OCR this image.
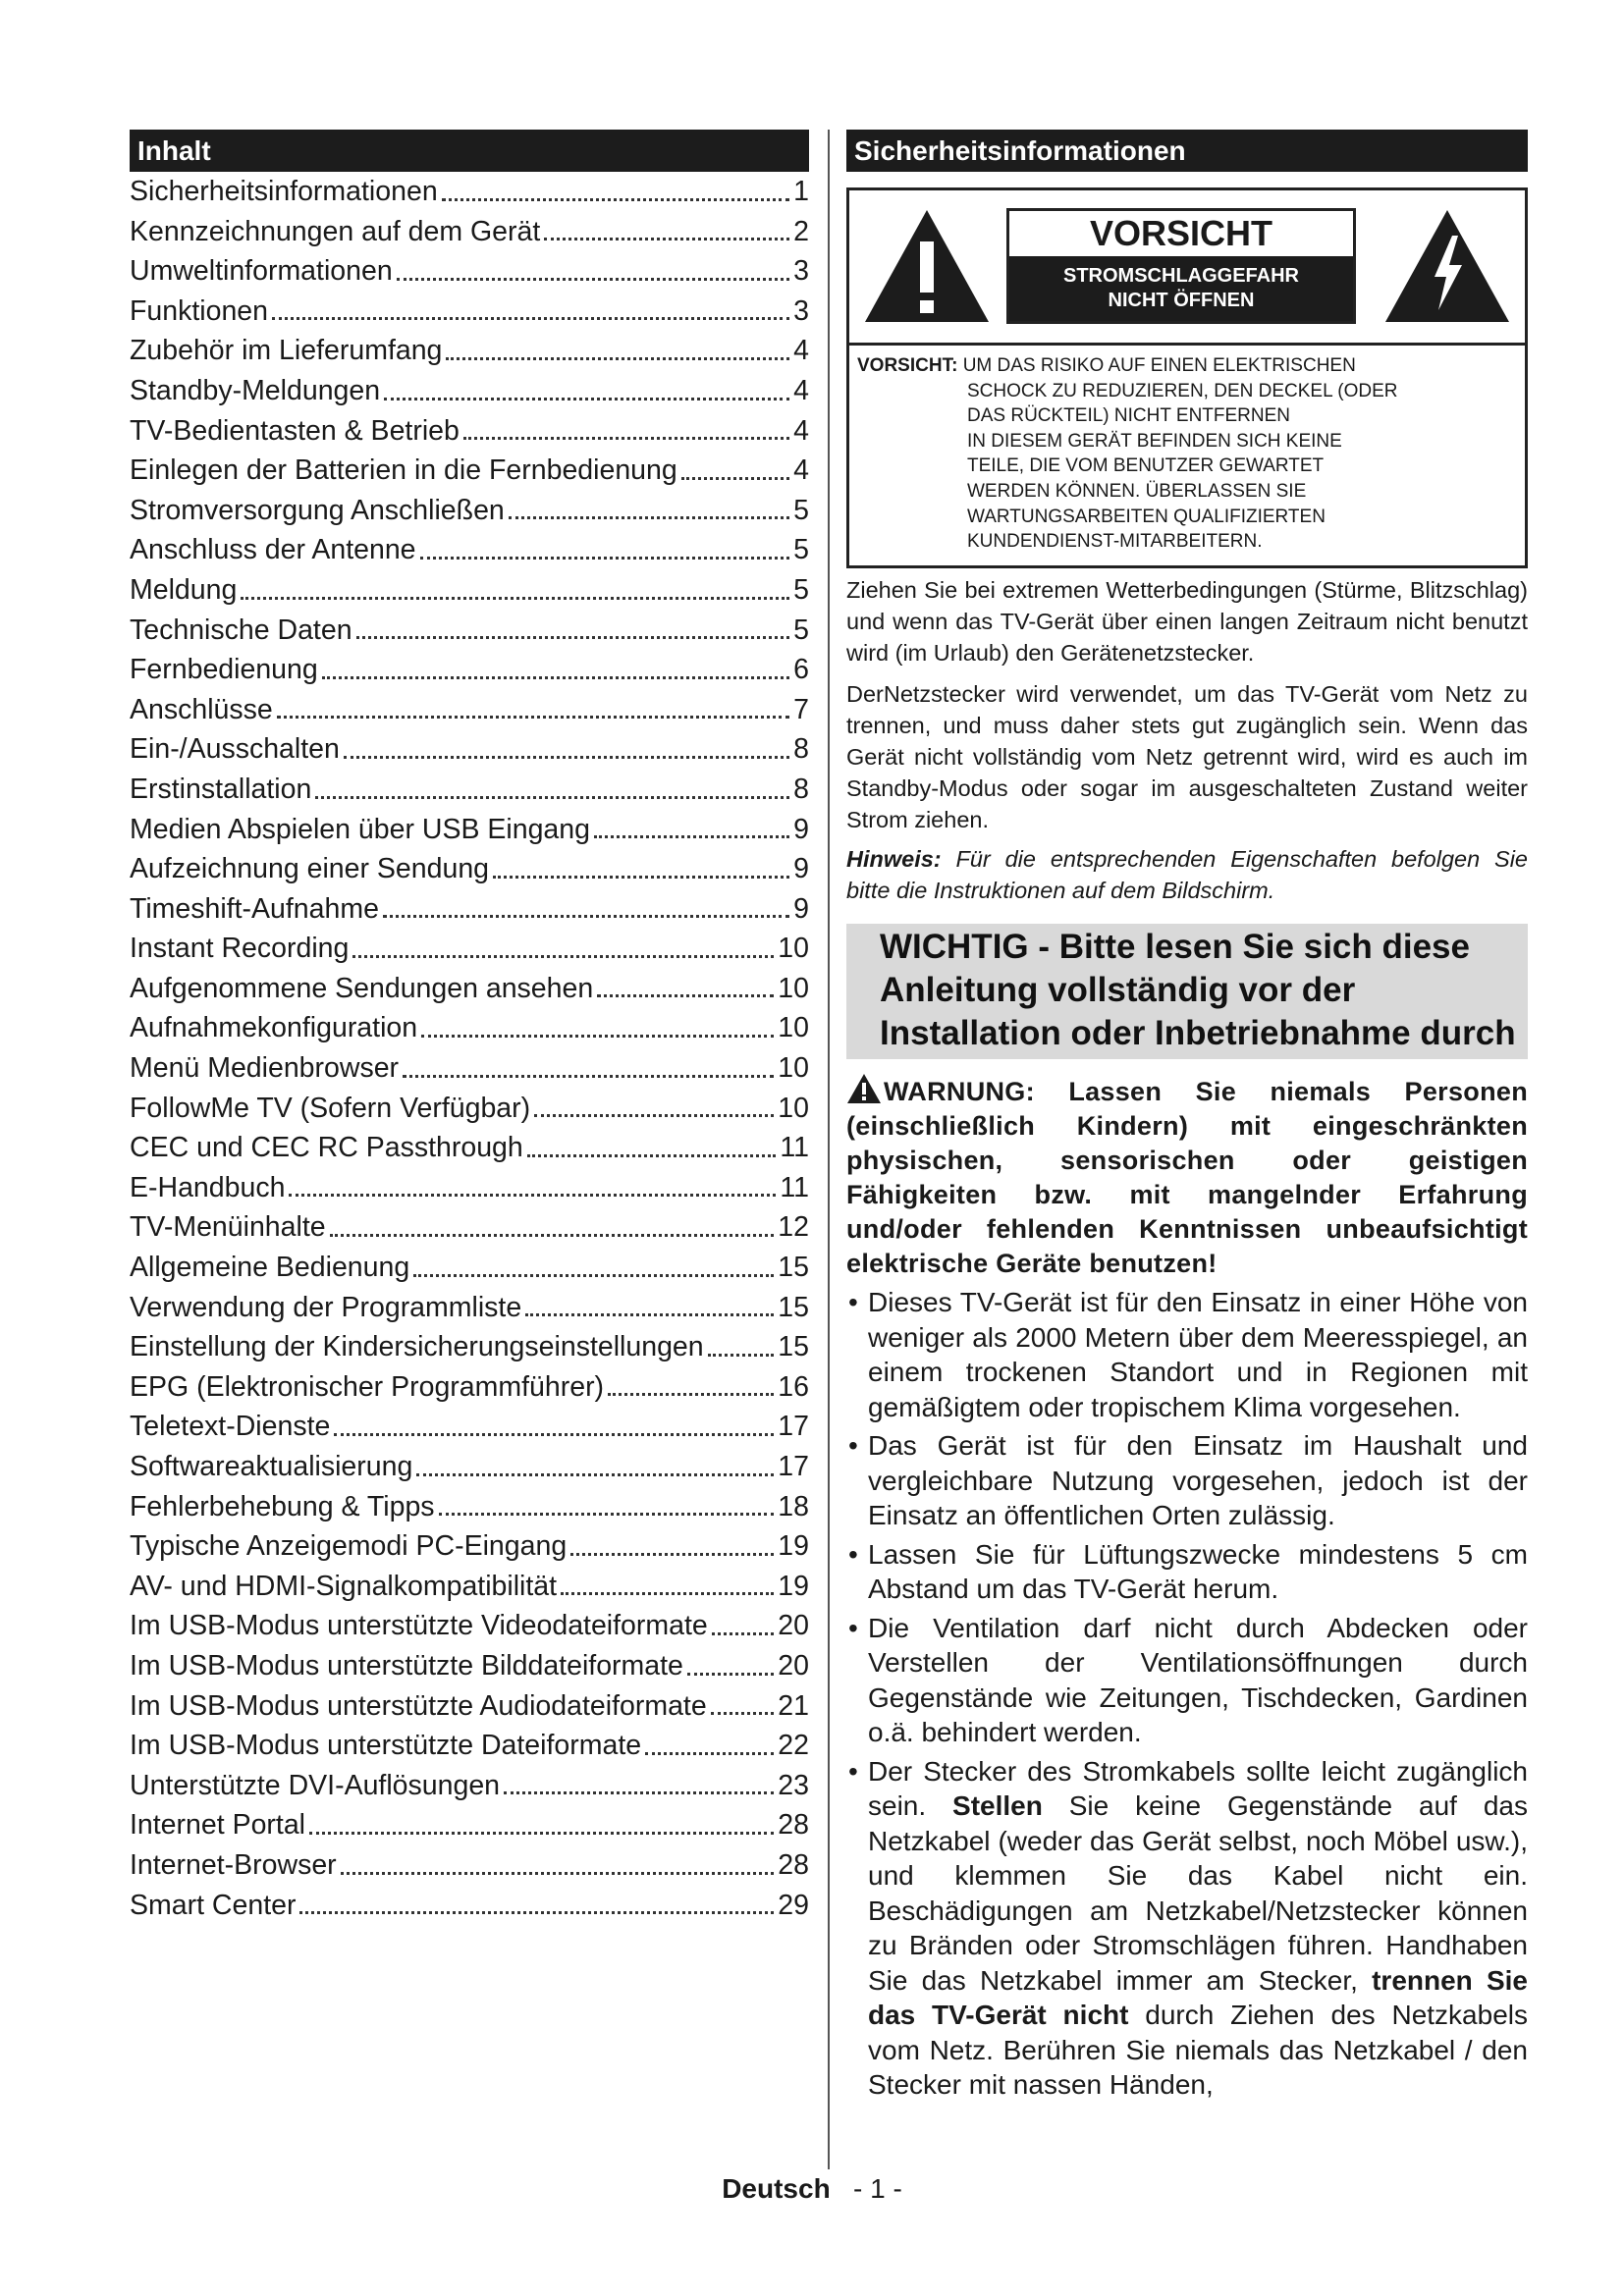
Inhalt
Sicherheitsinformationen	1
Kennzeichnungen auf dem Gerät	2
Umweltinformationen	3
Funktionen	3
Zubehör im Lieferumfang	4
Standby-Meldungen	4
TV-Bedientasten & Betrieb	4
Einlegen der Batterien in die Fernbedienung	4
Stromversorgung Anschließen	5
Anschluss der Antenne	5
Meldung	5
Technische Daten	5
Fernbedienung	6
Anschlüsse	7
Ein-/Ausschalten	8
Erstinstallation	8
Medien Abspielen über USB Eingang	9
Aufzeichnung einer Sendung	9
Timeshift-Aufnahme	9
Instant Recording	10
Aufgenommene Sendungen ansehen	10
Aufnahmekonfiguration	10
Menü Medienbrowser	10
FollowMe TV (Sofern Verfügbar)	10
CEC und CEC RC Passthrough	11
E-Handbuch	11
TV-Menüinhalte	12
Allgemeine Bedienung	15
Verwendung der Programmliste	15
Einstellung der Kindersicherungseinstellungen	15
EPG (Elektronischer Programmführer)	16
Teletext-Dienste	17
Softwareaktualisierung	17
Fehlerbehebung & Tipps	18
Typische Anzeigemodi PC-Eingang	19
AV- und HDMI-Signalkompatibilität	19
Im USB-Modus unterstützte Videodateiformate	20
Im USB-Modus unterstützte Bilddateiformate	20
Im USB-Modus unterstützte Audiodateiformate	21
Im USB-Modus unterstützte Dateiformate	22
Unterstützte DVI-Auflösungen	23
Internet Portal	28
Internet-Browser	28
Smart Center	29
Sicherheitsinformationen
VORSICHT
STROMSCHLAGGEFAHR
NICHT ÖFFNEN
VORSICHT: UM DAS RISIKO AUF EINEN ELEKTRISCHEN
SCHOCK ZU REDUZIEREN, DEN DECKEL (ODER
DAS RÜCKTEIL) NICHT ENTFERNEN
IN DIESEM GERÄT BEFINDEN SICH KEINE
TEILE, DIE VOM BENUTZER GEWARTET
WERDEN KÖNNEN. ÜBERLASSEN SIE
WARTUNGSARBEITEN QUALIFIZIERTEN
KUNDENDIENST-MITARBEITERN.

Ziehen Sie bei extremen Wetterbedingungen (Stürme, Blitzschlag) und wenn das TV-Gerät über einen langen Zeitraum nicht benutzt wird (im Urlaub) den Gerätenetzstecker.

DerNetzstecker wird verwendet, um das TV-Gerät vom Netz zu trennen, und muss daher stets gut zugänglich sein. Wenn das Gerät nicht vollständig vom Netz getrennt wird, wird es auch im Standby-Modus oder sogar im ausgeschalteten Zustand weiter Strom ziehen.

Hinweis: Für die entsprechenden Eigenschaften befolgen Sie bitte die Instruktionen auf dem Bildschirm.

WICHTIG - Bitte lesen Sie sich diese Anleitung vollständig vor der Installation oder Inbetriebnahme durch
WARNUNG: Lassen Sie niemals Personen (einschließlich Kindern) mit eingeschränkten physischen, sensorischen oder geistigen Fähigkeiten bzw. mit mangelnder Erfahrung und/oder fehlenden Kenntnissen unbeaufsichtigt elektrische Geräte benutzen!
• Dieses TV-Gerät ist für den Einsatz in einer Höhe von weniger als 2000 Metern über dem Meeresspiegel, an einem trockenen Standort und in Regionen mit gemäßigtem oder tropischem Klima vorgesehen.
• Das Gerät ist für den Einsatz im Haushalt und vergleichbare Nutzung vorgesehen, jedoch ist der Einsatz an öffentlichen Orten zulässig.
• Lassen Sie für Lüftungszwecke mindestens 5 cm Abstand um das TV-Gerät herum.
• Die Ventilation darf nicht durch Abdecken oder Verstellen der Ventilationsöffnungen durch Gegenstände wie Zeitungen, Tischdecken, Gardinen o.ä. behindert werden.
• Der Stecker des Stromkabels sollte leicht zugänglich sein. Stellen Sie keine Gegenstände auf das Netzkabel (weder das Gerät selbst, noch Möbel usw.), und klemmen Sie das Kabel nicht ein. Beschädigungen am Netzkabel/Netzstecker können zu Bränden oder Stromschlägen führen. Handhaben Sie das Netzkabel immer am Stecker, trennen Sie das TV-Gerät nicht durch Ziehen des Netzkabels vom Netz. Berühren Sie niemals das Netzkabel / den Stecker mit nassen Händen,
Deutsch - 1 -
